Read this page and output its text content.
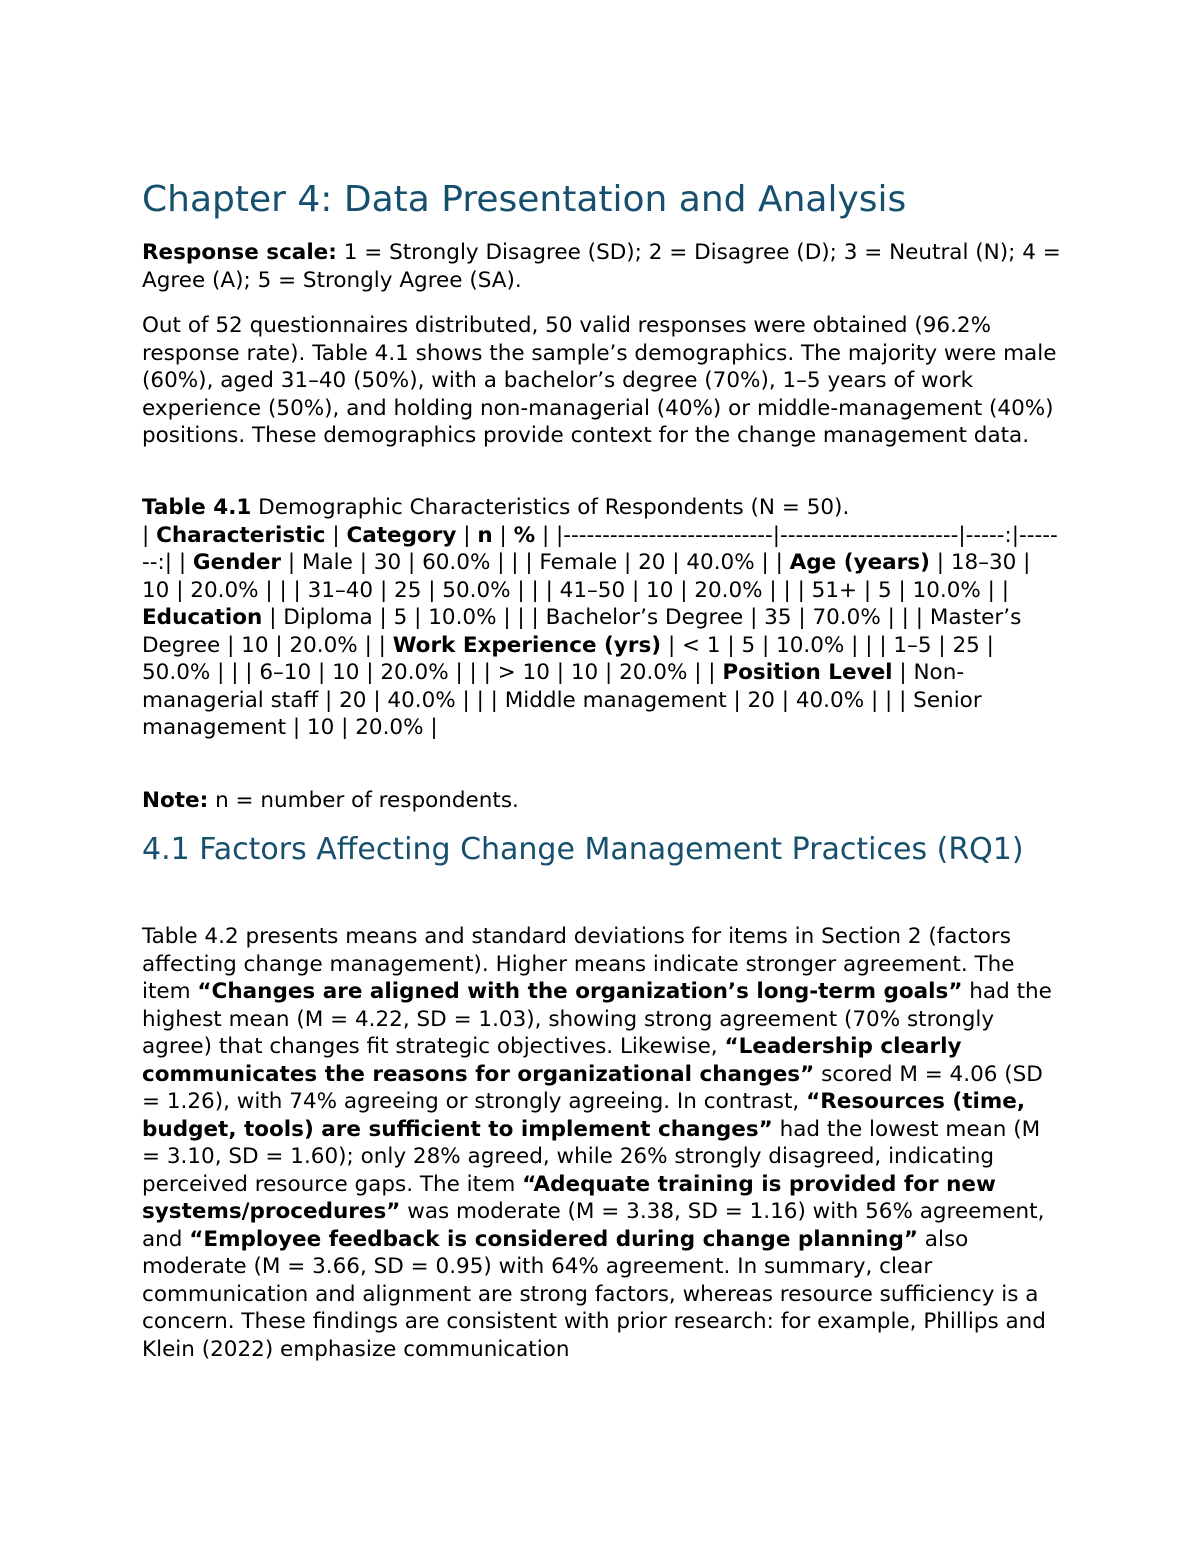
Chapter 4: Data Presentation and Analysis

Response scale: 1 = Strongly Disagree (SD); 2 = Disagree (D); 3 = Neutral (N); 4 = Agree (A); 5 = Strongly Agree (SA).

Out of 52 questionnaires distributed, 50 valid responses were obtained (96.2% response rate). Table 4.1 shows the sample’s demographics. The majority were male (60%), aged 31–40 (50%), with a bachelor’s degree (70%), 1–5 years of work experience (50%), and holding non-managerial (40%) or middle-management (40%) positions. These demographics provide context for the change management data.

Table 4.1 Demographic Characteristics of Respondents (N = 50).
| Characteristic | Category | n | % | |---------------------------|-----------------------|-----:|-------:| | Gender | Male | 30 | 60.0% | | | Female | 20 | 40.0% | | Age (years) | 18–30 | 10 | 20.0% | | | 31–40 | 25 | 50.0% | | | 41–50 | 10 | 20.0% | | | 51+ | 5 | 10.0% | | Education | Diploma | 5 | 10.0% | | | Bachelor’s Degree | 35 | 70.0% | | | Master’s Degree | 10 | 20.0% | | Work Experience (yrs) | < 1 | 5 | 10.0% | | | 1–5 | 25 | 50.0% | | | 6–10 | 10 | 20.0% | | | > 10 | 10 | 20.0% | | Position Level | Non-managerial staff | 20 | 40.0% | | | Middle management | 20 | 40.0% | | | Senior management | 10 | 20.0% |

Note: n = number of respondents.

4.1 Factors Affecting Change Management Practices (RQ1)

Table 4.2 presents means and standard deviations for items in Section 2 (factors affecting change management). Higher means indicate stronger agreement. The item “Changes are aligned with the organization’s long-term goals” had the highest mean (M = 4.22, SD = 1.03), showing strong agreement (70% strongly agree) that changes fit strategic objectives. Likewise, “Leadership clearly communicates the reasons for organizational changes” scored M = 4.06 (SD = 1.26), with 74% agreeing or strongly agreeing. In contrast, “Resources (time, budget, tools) are sufficient to implement changes” had the lowest mean (M = 3.10, SD = 1.60); only 28% agreed, while 26% strongly disagreed, indicating perceived resource gaps. The item “Adequate training is provided for new systems/procedures” was moderate (M = 3.38, SD = 1.16) with 56% agreement, and “Employee feedback is considered during change planning” also moderate (M = 3.66, SD = 0.95) with 64% agreement. In summary, clear communication and alignment are strong factors, whereas resource sufficiency is a concern. These findings are consistent with prior research: for example, Phillips and Klein (2022) emphasize communication
